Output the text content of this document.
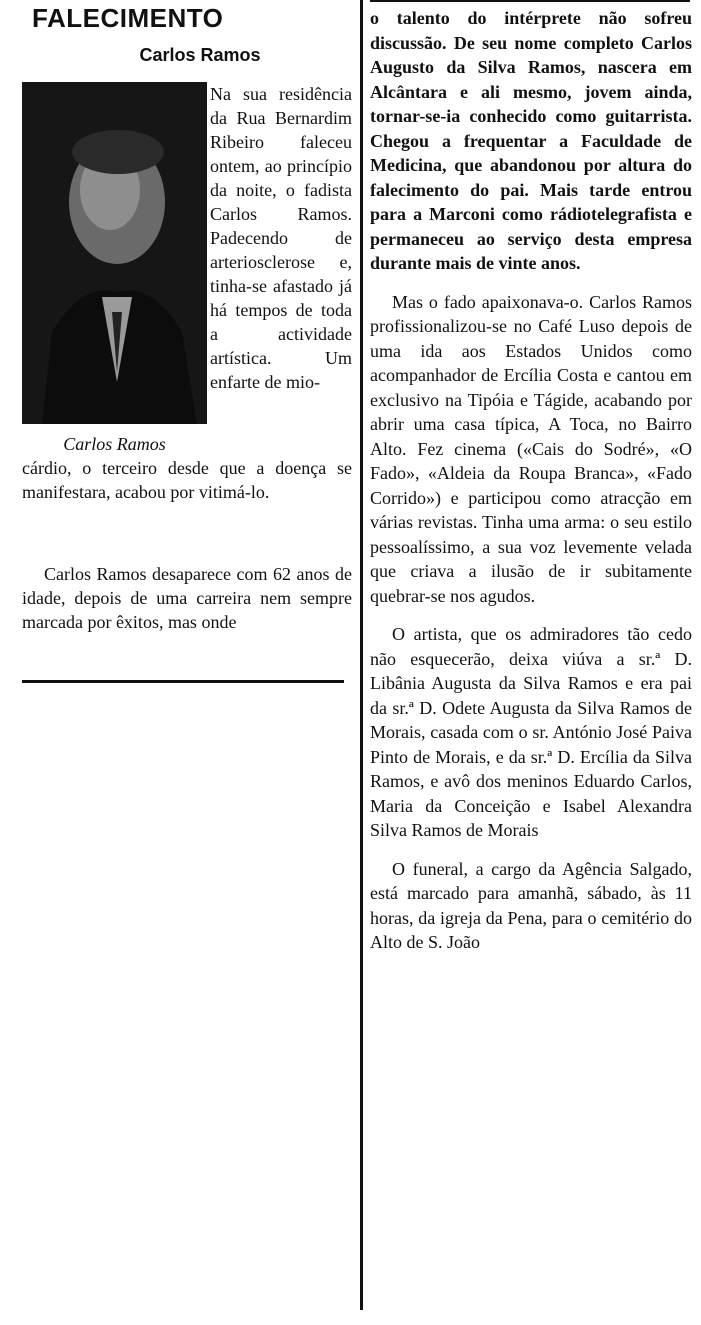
FALECIMENTO
Carlos Ramos

Carlos Ramos

Na sua residência da Rua Bernardim Ribeiro faleceu ontem, ao princípio da noite, o fadista Carlos Ramos. Padecendo de arteriosclerose e, tinha-se afastado já há tempos de toda a actividade artística. Um enfarte de mio-

cárdio, o terceiro desde que a doença se manifestara, acabou por vitimá-lo.

Carlos Ramos desaparece com 62 anos de idade, depois de uma carreira nem sempre marcada por êxitos, mas onde

o talento do intérprete não sofreu discussão. De seu nome completo Carlos Augusto da Silva Ramos, nascera em Alcântara e ali mesmo, jovem ainda, tornar-se-ia conhecido como guitarrista. Chegou a frequentar a Faculdade de Medicina, que abandonou por altura do falecimento do pai. Mais tarde entrou para a Marconi como rádiotelegrafista e permaneceu ao serviço desta empresa durante mais de vinte anos.

Mas o fado apaixonava-o. Carlos Ramos profissionalizou-se no Café Luso depois de uma ida aos Estados Unidos como acompanhador de Ercília Costa e cantou em exclusivo na Tipóia e Tágide, acabando por abrir uma casa típica, A Toca, no Bairro Alto. Fez cinema («Cais do Sodré», «O Fado», «Aldeia da Roupa Branca», «Fado Corrido») e participou como atracção em várias revistas. Tinha uma arma: o seu estilo pessoalíssimo, a sua voz levemente velada que criava a ilusão de ir subitamente quebrar-se nos agudos.

O artista, que os admiradores tão cedo não esquecerão, deixa viúva a sr.ª D. Libânia Augusta da Silva Ramos e era pai da sr.ª D. Odete Augusta da Silva Ramos de Morais, casada com o sr. António José Paiva Pinto de Morais, e da sr.ª D. Ercília da Silva Ramos, e avô dos meninos Eduardo Carlos, Maria da Conceição e Isabel Alexandra Silva Ramos de Morais

O funeral, a cargo da Agência Salgado, está marcado para amanhã, sábado, às 11 horas, da igreja da Pena, para o cemitério do Alto de S. João
